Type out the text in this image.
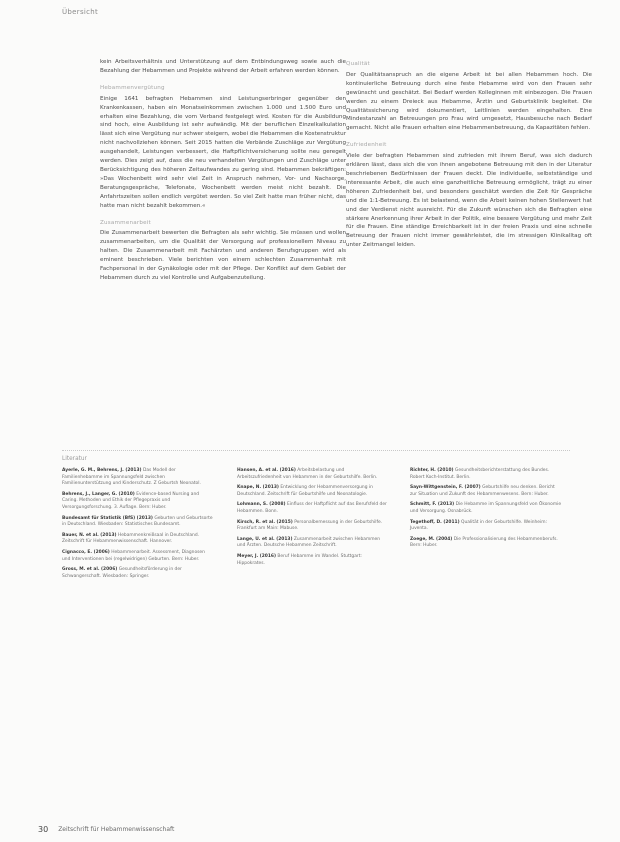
Übersicht

kein Arbeitsverhältnis und Unterstützung auf dem Entbindungsweg sowie auch die Bezahlung der Hebammen und Projekte während der Arbeit erfahren werden können.

Hebammenvergütung

Einige 1641 befragten Hebammen sind Leistungserbringer gegenüber den Krankenkassen, haben ein Monatseinkommen zwischen 1.000 und 1.500 Euro und erhalten eine Bezahlung, die vom Verband festgelegt wird. Kosten für die Ausbildung sind hoch, eine Ausbildung ist sehr aufwändig. Mit der beruflichen Einzelkalkulation lässt sich eine Vergütung nur schwer steigern, wobei die Hebammen die Kostenstruktur nicht nachvollziehen können. Seit 2015 hatten die Verbände Zuschläge zur Vergütung ausgehandelt, Leistungen verbessert, die Haftpflichtversicherung sollte neu geregelt werden. Dies zeigt auf, dass die neu verhandelten Vergütungen und Zuschläge unter Berücksichtigung des höheren Zeitaufwandes zu gering sind. Hebammen bekräftigen: »Das Wochenbett wird sehr viel Zeit in Anspruch nehmen, Vor- und Nachsorge, Beratungsgespräche, Telefonate, Wochenbett werden meist nicht bezahlt. Die Anfahrtszeiten sollen endlich vergütet werden. So viel Zeit hatte man früher nicht, das hatte man nicht bezahlt bekommen.«

Zusammenarbeit

Die Zusammenarbeit bewerten die Befragten als sehr wichtig. Sie müssen und wollen zusammenarbeiten, um die Qualität der Versorgung auf professionellem Niveau zu halten. Die Zusammenarbeit mit Fachärzten und anderen Berufsgruppen wird als eminent beschrieben. Viele berichten von einem schlechten Zusammenhalt mit Fachpersonal in der Gynäkologie oder mit der Pflege. Der Konflikt auf dem Gebiet der Hebammen durch zu viel Kontrolle und Aufgabenzuteilung.

Qualität

Der Qualitätsanspruch an die eigene Arbeit ist bei allen Hebammen hoch. Die kontinuierliche Betreuung durch eine feste Hebamme wird von den Frauen sehr gewünscht und geschätzt. Bei Bedarf werden Kolleginnen mit einbezogen. Die Frauen werden zu einem Dreieck aus Hebamme, Ärztin und Geburtsklinik begleitet. Die Qualitätssicherung wird dokumentiert, Leitlinien werden eingehalten. Eine Mindestanzahl an Betreuungen pro Frau wird umgesetzt, Hausbesuche nach Bedarf gemacht. Nicht alle Frauen erhalten eine Hebammenbetreuung, da Kapazitäten fehlen.

Zufriedenheit

Viele der befragten Hebammen sind zufrieden mit ihrem Beruf, was sich dadurch erklären lässt, dass sich die von ihnen angebotene Betreuung mit den in der Literatur beschriebenen Bedürfnissen der Frauen deckt. Die individuelle, selbstständige und interessante Arbeit, die auch eine ganzheitliche Betreuung ermöglicht, trägt zu einer höheren Zufriedenheit bei, und besonders geschätzt werden die Zeit für Gespräche und die 1:1-Betreuung. Es ist belastend, wenn die Arbeit keinen hohen Stellenwert hat und der Verdienst nicht ausreicht. Für die Zukunft wünschen sich die Befragten eine stärkere Anerkennung ihrer Arbeit in der Politik, eine bessere Vergütung und mehr Zeit für die Frauen. Eine ständige Erreichbarkeit ist in der freien Praxis und eine schnelle Betreuung der Frauen nicht immer gewährleistet, die im stressigen Klinikalltag oft unter Zeitmangel leiden.

Literatur

Ayerle, G. M., Behrens, J. (2013) Das Modell der Familienhebamme im Spannungsfeld zwischen Familienunterstützung und Kinderschutz. Z Geburtsh Neonatol.

Behrens, J., Langer, G. (2010) Evidence-based Nursing and Caring. Methoden und Ethik der Pflegepraxis und Versorgungsforschung. 3. Auflage. Bern: Huber.

Bundesamt für Statistik (BfS) (2013) Geburten und Geburtsorte in Deutschland. Wiesbaden: Statistisches Bundesamt.

Bauer, N. et al. (2013) Hebammenkreißsaal in Deutschland. Zeitschrift für Hebammenwissenschaft. Hannover.

Cignacco, E. (2006) Hebammenarbeit. Assessment, Diagnosen und Interventionen bei (regelwidrigen) Geburten. Bern: Huber.

Gross, M. et al. (2006) Gesundheitsförderung in der Schwangerschaft. Wiesbaden: Springer.

Hansen, A. et al. (2016) Arbeitsbelastung und Arbeitszufriedenheit von Hebammen in der Geburtshilfe. Berlin.

Knape, N. (2013) Entwicklung der Hebammenversorgung in Deutschland. Zeitschrift für Geburtshilfe und Neonatologie.

Lohmann, S. (2008) Einfluss der Haftpflicht auf das Berufsfeld der Hebammen. Bonn.

Kirsch, R. et al. (2015) Personalbemessung in der Geburtshilfe. Frankfurt am Main: Mabuse.

Lange, U. et al. (2013) Zusammenarbeit zwischen Hebammen und Ärzten. Deutsche Hebammen Zeitschrift.

Meyer, J. (2016) Beruf Hebamme im Wandel. Stuttgart: Hippokrates.

Richter, H. (2010) Gesundheitsberichterstattung des Bundes. Robert Koch-Institut. Berlin.

Sayn-Wittgenstein, F. (2007) Geburtshilfe neu denken. Bericht zur Situation und Zukunft des Hebammenwesens. Bern: Huber.

Schmitt, F. (2013) Die Hebamme im Spannungsfeld von Ökonomie und Versorgung. Osnabrück.

Tegethoff, D. (2011) Qualität in der Geburtshilfe. Weinheim: Juventa.

Zoege, M. (2004) Die Professionalisierung des Hebammenberufs. Bern: Huber.

30 Zeitschrift für Hebammenwissenschaft
